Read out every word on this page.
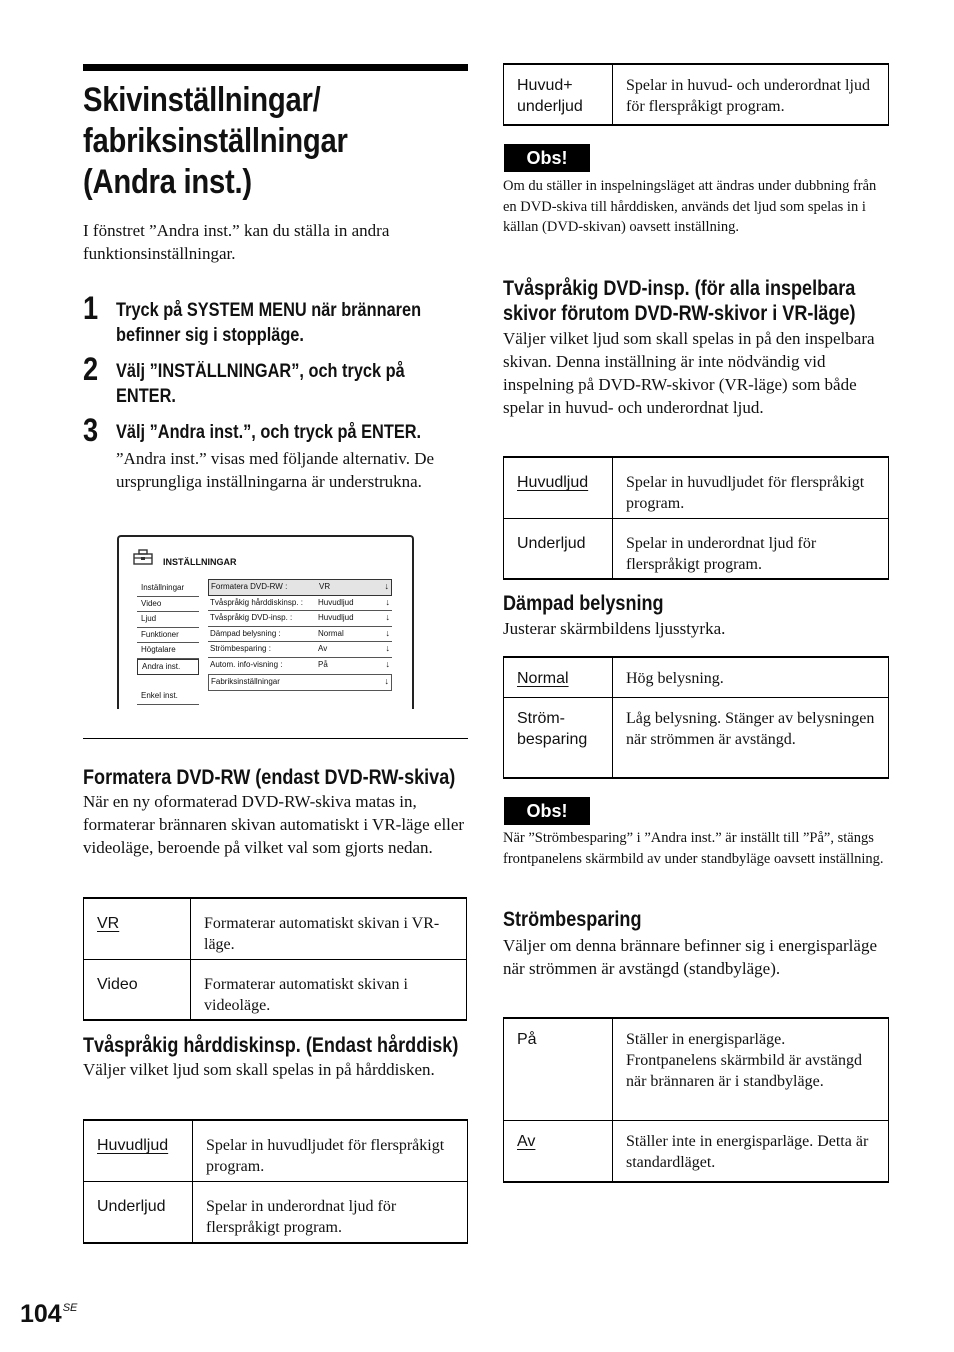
Skivinställningar/
fabriksinställningar
(Andra inst.)
I fönstret ”Andra inst.” kan du ställa in andra funktionsinställningar.
1 Tryck på SYSTEM MENU när brännaren
befinner sig i stoppläge.
2 Välj ”INSTÄLLNINGAR”, och tryck på
ENTER.
3 Välj ”Andra inst.”, och tryck på ENTER.
”Andra inst.” visas med följande alternativ. De ursprungliga inställningarna är understrukna.
INSTÄLLNINGAR
Inställningar
Video
Ljud
Funktioner
Högtalare
Andra inst.
Enkel inst.
Formatera DVD-RW :	VR	↓
Tvåspråkig hårddiskinsp. : Huvudljud	↓
Tvåspråkig DVD-insp. :	Huvudljud	↓
Dämpad belysning :	Normal	↓
Strömbesparing :	Av	↓
Autom. info-visning :	På	↓
Fabriksinställningar	↓
Formatera DVD-RW (endast DVD-RW-skiva)
När en ny oformaterad DVD-RW-skiva matas in, formaterar brännaren skivan automatiskt i VR-läge eller videoläge, beroende på vilket val som gjorts nedan.
VR	Formaterar automatiskt skivan i VR-läge.
Video	Formaterar automatiskt skivan i videoläge.
Tvåspråkig hårddiskinsp. (Endast hårddisk)
Väljer vilket ljud som skall spelas in på hårddisken.
Huvudljud	Spelar in huvudljudet för flerspråkigt program.
Underljud	Spelar in underordnat ljud för flerspråkigt program.
Huvud+ underljud	Spelar in huvud- och underordnat ljud för flerspråkigt program.
Obs!
Om du ställer in inspelningsläget att ändras under dubbning från en DVD-skiva till hårddisken, används det ljud som spelas in i källan (DVD-skivan) oavsett inställning.
Tvåspråkig DVD-insp. (för alla inspelbara
skivor förutom DVD-RW-skivor i VR-läge)
Väljer vilket ljud som skall spelas in på den inspelbara skivan. Denna inställning är inte nödvändig vid inspelning på DVD-RW-skivor (VR-läge) som både spelar in huvud- och underordnat ljud.
Huvudljud	Spelar in huvudljudet för flerspråkigt program.
Underljud	Spelar in underordnat ljud för flerspråkigt program.
Dämpad belysning
Justerar skärmbildens ljusstyrka.
Normal	Hög belysning.
Ström- besparing	Låg belysning. Stänger av belysningen när strömmen är avstängd.
Obs!
När ”Strömbesparing” i ”Andra inst.” är inställt till ”På”, stängs frontpanelens skärmbild av under standbyläge oavsett inställning.
Strömbesparing
Väljer om denna brännare befinner sig i energisparläge när strömmen är avstängd (standbyläge).
På	Ställer in energisparläge. Frontpanelens skärmbild är avstängd när brännaren är i standbyläge.
Av	Ställer inte in energisparläge. Detta är standardläget.
$104^{SE}$
